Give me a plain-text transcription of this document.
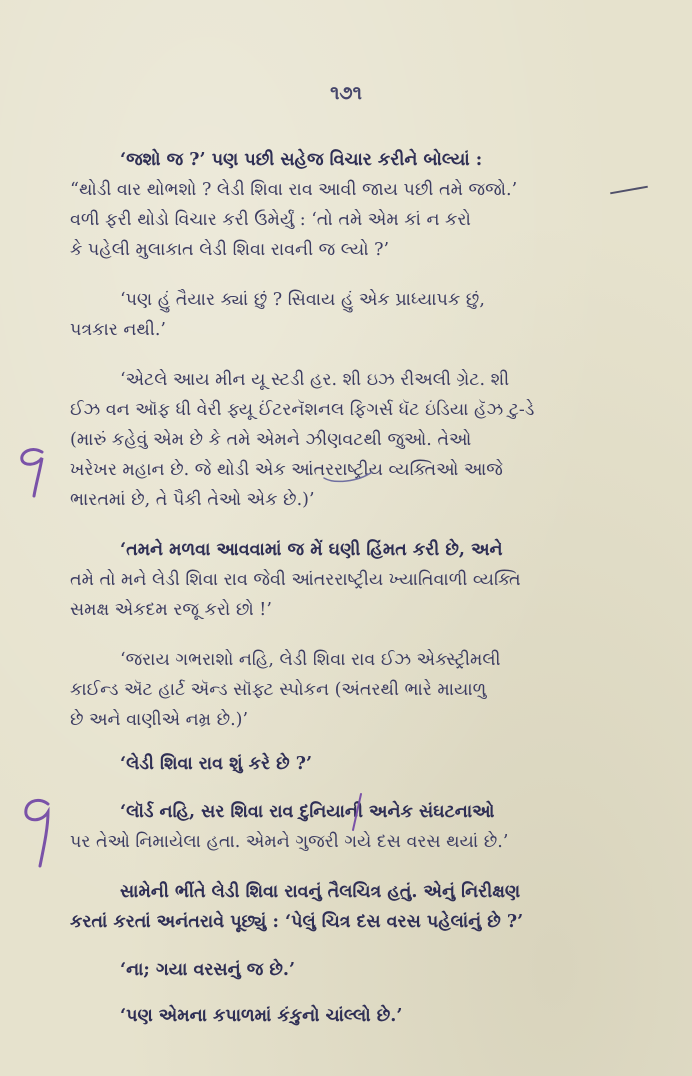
૧૭૧
‘જશો જ ?’ પણ પછી સહેજ વિચાર કરીને બોલ્યાં :
“થોડી વાર થોભશો ? લેડી શિવા રાવ આવી જાય પછી તમે જજો.’
વળી ફરી થોડો વિચાર કરી ઉમેર્યું : ‘તો તમે એમ કાં ન કરો
કે પહેલી મુલાકાત લેડી શિવા રાવની જ લ્યો ?’
‘પણ હું તૈયાર ક્યાં છું ? સિવાય હું એક પ્રાધ્યાપક છું,
પત્રકાર નથી.’
‘એટલે આય મીન યૂ સ્ટડી હર. શી ઇઝ રીઅલી ગ્રેટ. શી
ઈઝ વન ઑફ ધી વેરી ફ્યૂ ઈંટરનૅશનલ ફિગર્સ ધૅટ ઇંડિયા હૅઝ ટુ-ડે
(મારું કહેવું એમ છે કે તમે એમને ઝીણવટથી જુઓ. તેઓ
ખરેખર મહાન છે. જે થોડી એક આંતરરાષ્ટ્રીય વ્યક્તિઓ આજે
ભારતમાં છે, તે પૈકી તેઓ એક છે.)’
‘તમને મળવા આવવામાં જ મેં ઘણી હિંમત કરી છે, અને
તમે તો મને લેડી શિવા રાવ જેવી આંતરરાષ્ટ્રીય ખ્યાતિવાળી વ્યક્તિ
સમક્ષ એકદમ રજૂ કરો છો !’
‘જરાય ગભરાશો નહિ, લેડી શિવા રાવ ઈઝ એક્સ્ટ્રીમલી
કાઈન્ડ ઍટ હાર્ટ ઍન્ડ સૉફ્ટ સ્પોકન (અંતરથી ભારે માયાળુ
છે અને વાણીએ નમ્ર છે.)’
‘લેડી શિવા રાવ શું કરે છે ?’
‘લૉર્ડ નહિ, સર શિવા રાવ દુનિયાની અનેક સંઘટનાઓ
પર તેઓ નિમાયેલા હતા. એમને ગુજરી ગયે દસ વરસ થયાં છે.’
સામેની ભીંતે લેડી શિવા રાવનું તૈલચિત્ર હતું. એનું નિરીક્ષણ
કરતાં કરતાં અનંતરાવે પૂછ્યું : ‘પેલું ચિત્ર દસ વરસ પહેલાંનું છે ?’
‘ના; ગયા વરસનું જ છે.’
‘પણ એમના કપાળમાં કંકુનો ચાંલ્લો છે.’
